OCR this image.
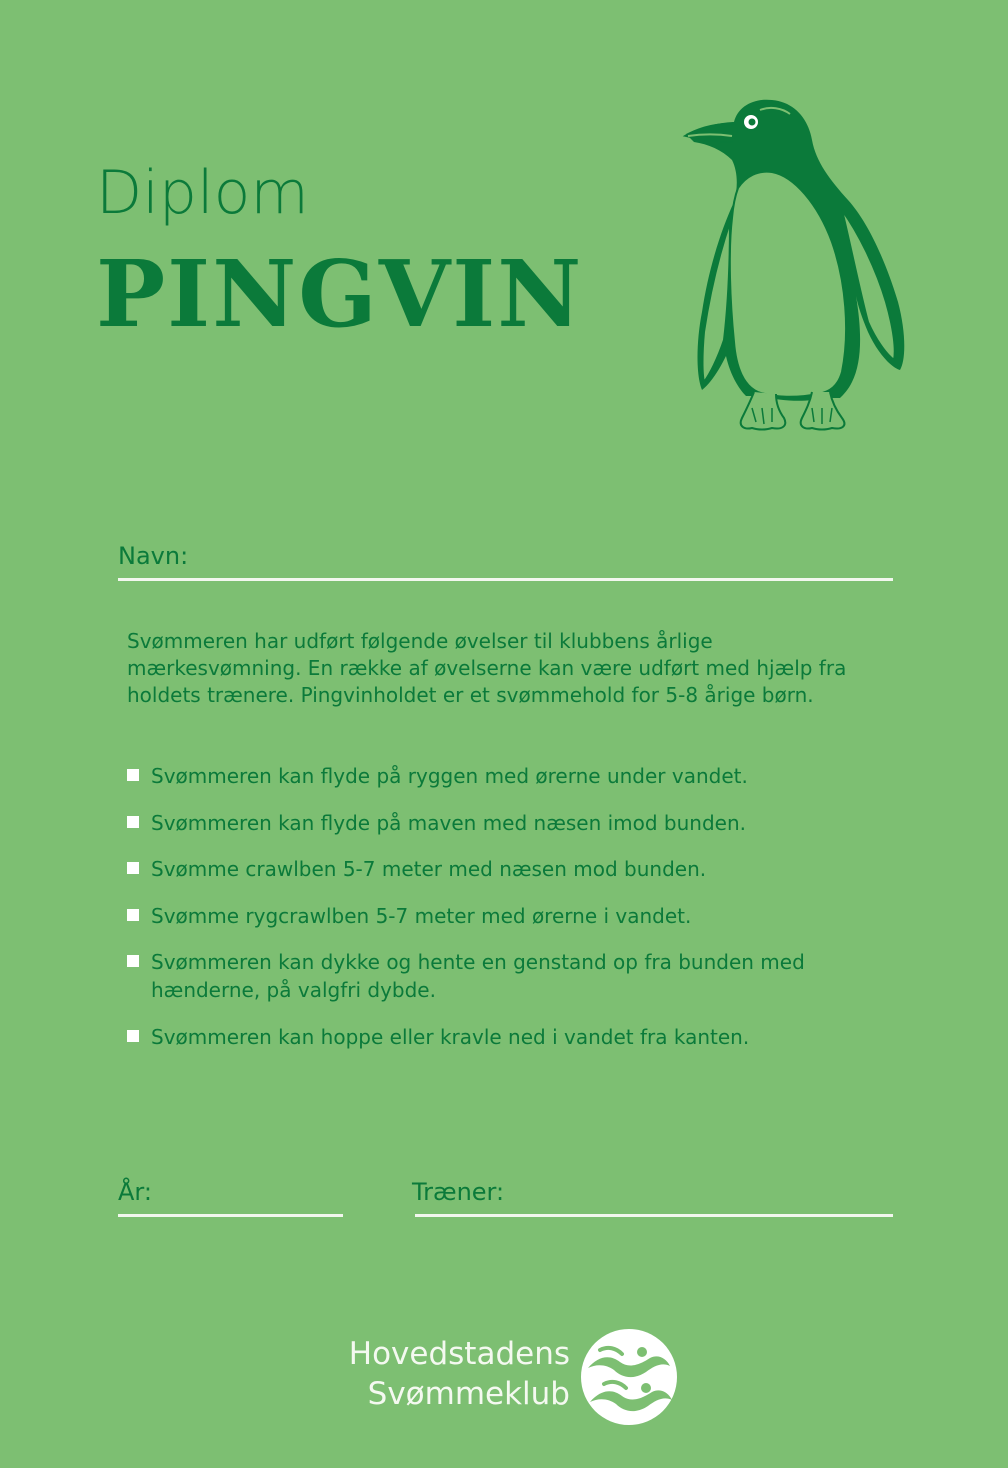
Diplom
PINGVIN
Navn:

Svømmeren har udført følgende øvelser til klubbens årlige mærkesvømning. En række af øvelserne kan være udført med hjælp fra holdets trænere. Pingvinholdet er et svømmehold for 5-8 årige børn.

Svømmeren kan flyde på ryggen med ørerne under vandet.
Svømmeren kan flyde på maven med næsen imod bunden.
Svømme crawlben 5-7 meter med næsen mod bunden.
Svømme rygcrawlben 5-7 meter med ørerne i vandet.
Svømmeren kan dykke og hente en genstand op fra bunden med hænderne, på valgfri dybde.
Svømmeren kan hoppe eller kravle ned i vandet fra kanten.
År:	Træner:
Hovedstadens
Svømmeklub
